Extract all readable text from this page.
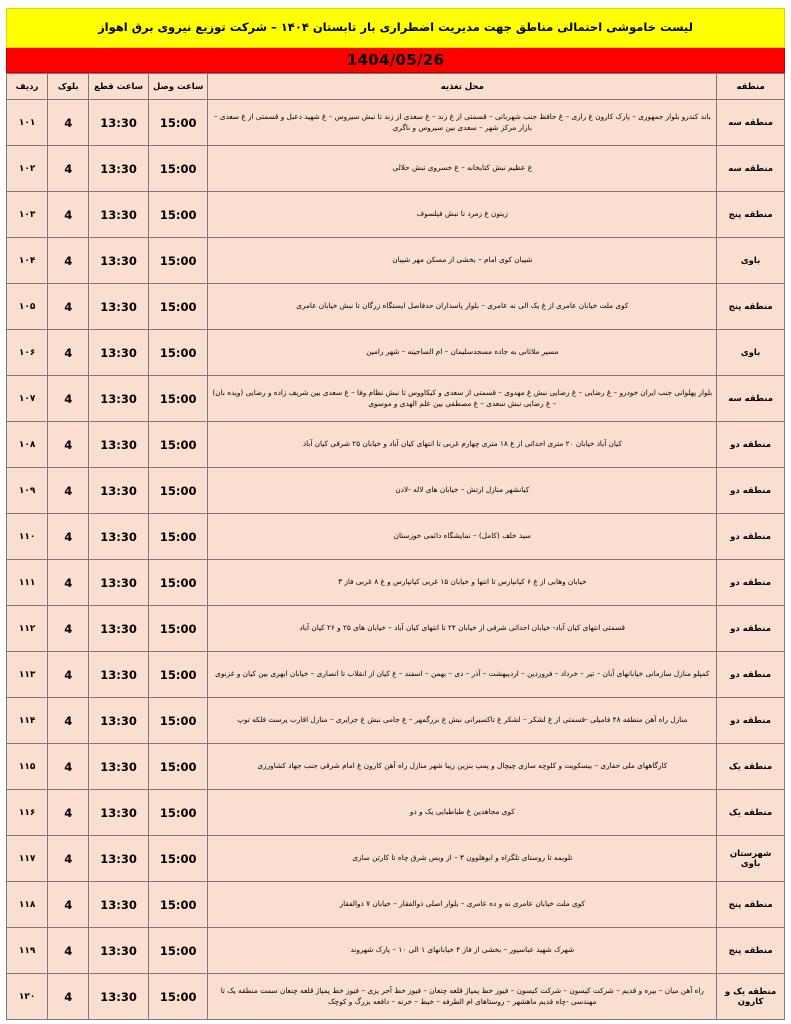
لیست خاموشی احتمالی مناطق جهت مدیریت اضطراری بار تابستان ۱۴۰۴ – شرکت توزیع نیروی برق اهواز
1404/05/26
منطقه	محل تغذیه	ساعت وصل	ساعت قطع	بلوک	ردیف
منطقه سه	باند کندرو بلوار جمهوری – پارک کارون غ رازی – غ حافظ جنب شهربانی – قسمتی از غ زند – غ سعدی از زند تا نبش سیروس – غ شهید دعبل و قسمتی از غ سعدی – بازار مرکز شهر – سعدی بین سیروس و ناگری	15:00	13:30	4	۱۰۱
منطقه سه	غ عظیم نبش کتابخانه – غ خسروی نبش حلالی	15:00	13:30	4	۱۰۲
منطقه پنج	زیتون غ زمرد تا نبش فیلسوف	15:00	13:30	4	۱۰۳
باوی	شیبان کوی امام – بخشی از مسکن مهر شیبان	15:00	13:30	4	۱۰۴
منطقه پنج	کوی ملت خیابان عامری از غ یک الی نه عامری – بلوار پاسداران حدفاصل ایستگاه زرگان تا نبش خیابان عامری	15:00	13:30	4	۱۰۵
باوی	مسیر ملاثانی به جاده مسجدسلیمان – ام الساجینه – شهر رامین	15:00	13:30	4	۱۰۶
منطقه سه	بلوار پهلوانی جنب ایران خودرو – غ رضایی – غ رضایی نبش غ مهدوی – قسمتی از سعدی و کیکاووس تا نبش نظام وفا – غ سعدی بین شریف زاده و رضایی (ویده بان) – غ رضایی نبش سعدی – غ مصطفی بین علم الهدی و موسوی	15:00	13:30	4	۱۰۷
منطقه دو	کیان آباد خیابان ۲۰ متری احداثی از غ ۱۸ متری چهارم غربی تا انتهای کیان آباد و خیابان ۲۵ شرقی کیان آباد	15:00	13:30	4	۱۰۸
منطقه دو	کیانشهر منازل ارتش – خیابان های لاله -لادن	15:00	13:30	4	۱۰۹
منطقه دو	سید خلف (کامل) – نمایشگاه دائمی خوزستان	15:00	13:30	4	۱۱۰
منطقه دو	خیابان وهابی از غ ۶ کیانپارس تا انتها و خیابان ۱۵ غربی کیانپارس و غ ۸ غربی فاز ۳	15:00	13:30	4	۱۱۱
منطقه دو	قسمتی انتهای کیان آباد- خیابان احداثی شرقی از خیابان ۲۴ تا انتهای کیان آباد – خیابان های ۲۵ و ۲۶ کیان آباد	15:00	13:30	4	۱۱۲
منطقه دو	کمپلو منازل سازمانی خیابانهای آبان – تیر – خرداد – فروردین – اردیبهشت – آذر – دی – بهمن – اسفند – غ کیان از انقلاب تا انصاری – خیابان ابهری بین کیان و غزنوی	15:00	13:30	4	۱۱۳
منطقه دو	منازل راه آهن منطقه ۴۸ فامیلی -قسمتی از غ لشکر – لشکر غ تاکسیرانی نبش غ بزرگمهر – غ جامی نبش غ جزایری – منازل اقارب پرست فلکه توپ	15:00	13:30	4	۱۱۴
منطقه یک	کارگاههای ملی حفاری – بیسکویت و کلوچه سازی چیچال و پمپ بنزین زیبا شهر منازل راه آهن کارون غ امام شرقی جنب جهاد کشاورزی	15:00	13:30	4	۱۱۵
منطقه یک	کوی مجاهدین غ طباطبایی یک و دو	15:00	13:30	4	۱۱۶
شهرستان باوی	تلوبمه تا روستای تلگزاه و ابوهلوون ۳ – از ویس شرق چاه تا کارتن سازی	15:00	13:30	4	۱۱۷
منطقه پنج	کوی ملت خیابان عامری نه و ده عامری – بلوار اصلی ذوالفقار – خیابان ۷ ذوالفقار	15:00	13:30	4	۱۱۸
منطقه پنج	شهرک شهید عباسپور – بخشی از فاز ۴ خیابانهای ۱ الی ۱۰ – پارک شهروند	15:00	13:30	4	۱۱۹
منطقه یک و کارون	راه آهن میان – بپره و قدیم – شرکت کیسون – شرکت کیسون – فیوز خط پمپاژ قلعه چنعان – فیوز خط آجر پزی – فیوز خط پمپاژ قلعه چنعان سمت منطقه یک تا مهندسی -چاه قدیم ماهشهر – روستاهای ام الطرفه – خیط – خرنه – دافعه بزرگ و کوچک	15:00	13:30	4	۱۲۰
